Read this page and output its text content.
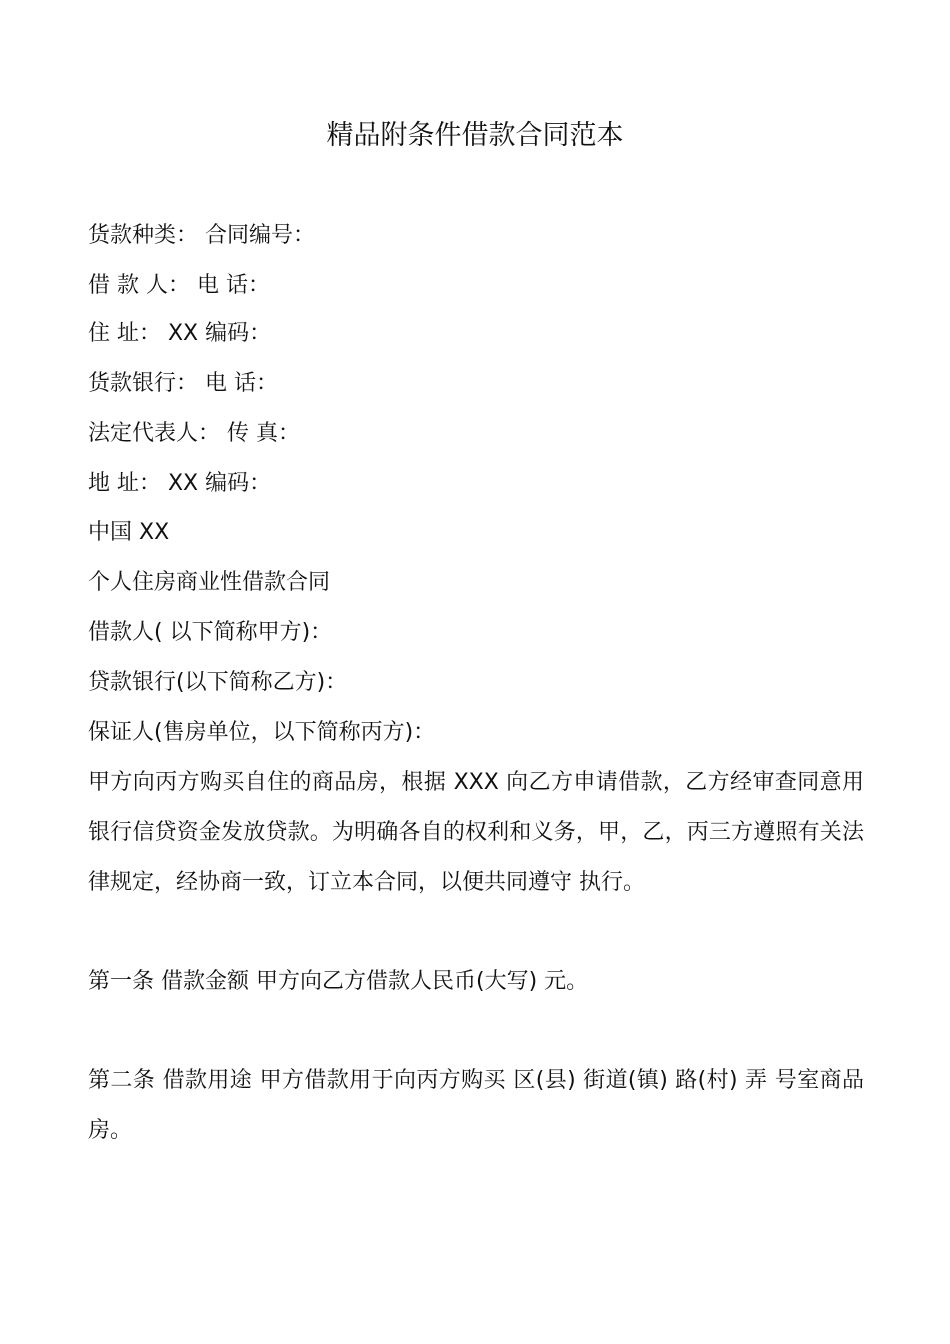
精品附条件借款合同范本
货款种类： 合同编号：
借 款 人： 电 话：
住 址： XX 编码：
货款银行： 电 话：
法定代表人： 传 真：
地 址： XX 编码：
中国 XX
个人住房商业性借款合同
借款人( 以下简称甲方)：
贷款银行(以下简称乙方)：
保证人(售房单位，以下简称丙方)：
甲方向丙方购买自住的商品房，根据 XXX 向乙方申请借款，乙方经审查同意用银行信贷资金发放贷款。为明确各自的权利和义务，甲，乙，丙三方遵照有关法律规定，经协商一致，订立本合同，以便共同遵守 执行。
第一条 借款金额 甲方向乙方借款人民币(大写) 元。
第二条 借款用途 甲方借款用于向丙方购买 区(县) 街道(镇) 路(村) 弄 号室商品房。
